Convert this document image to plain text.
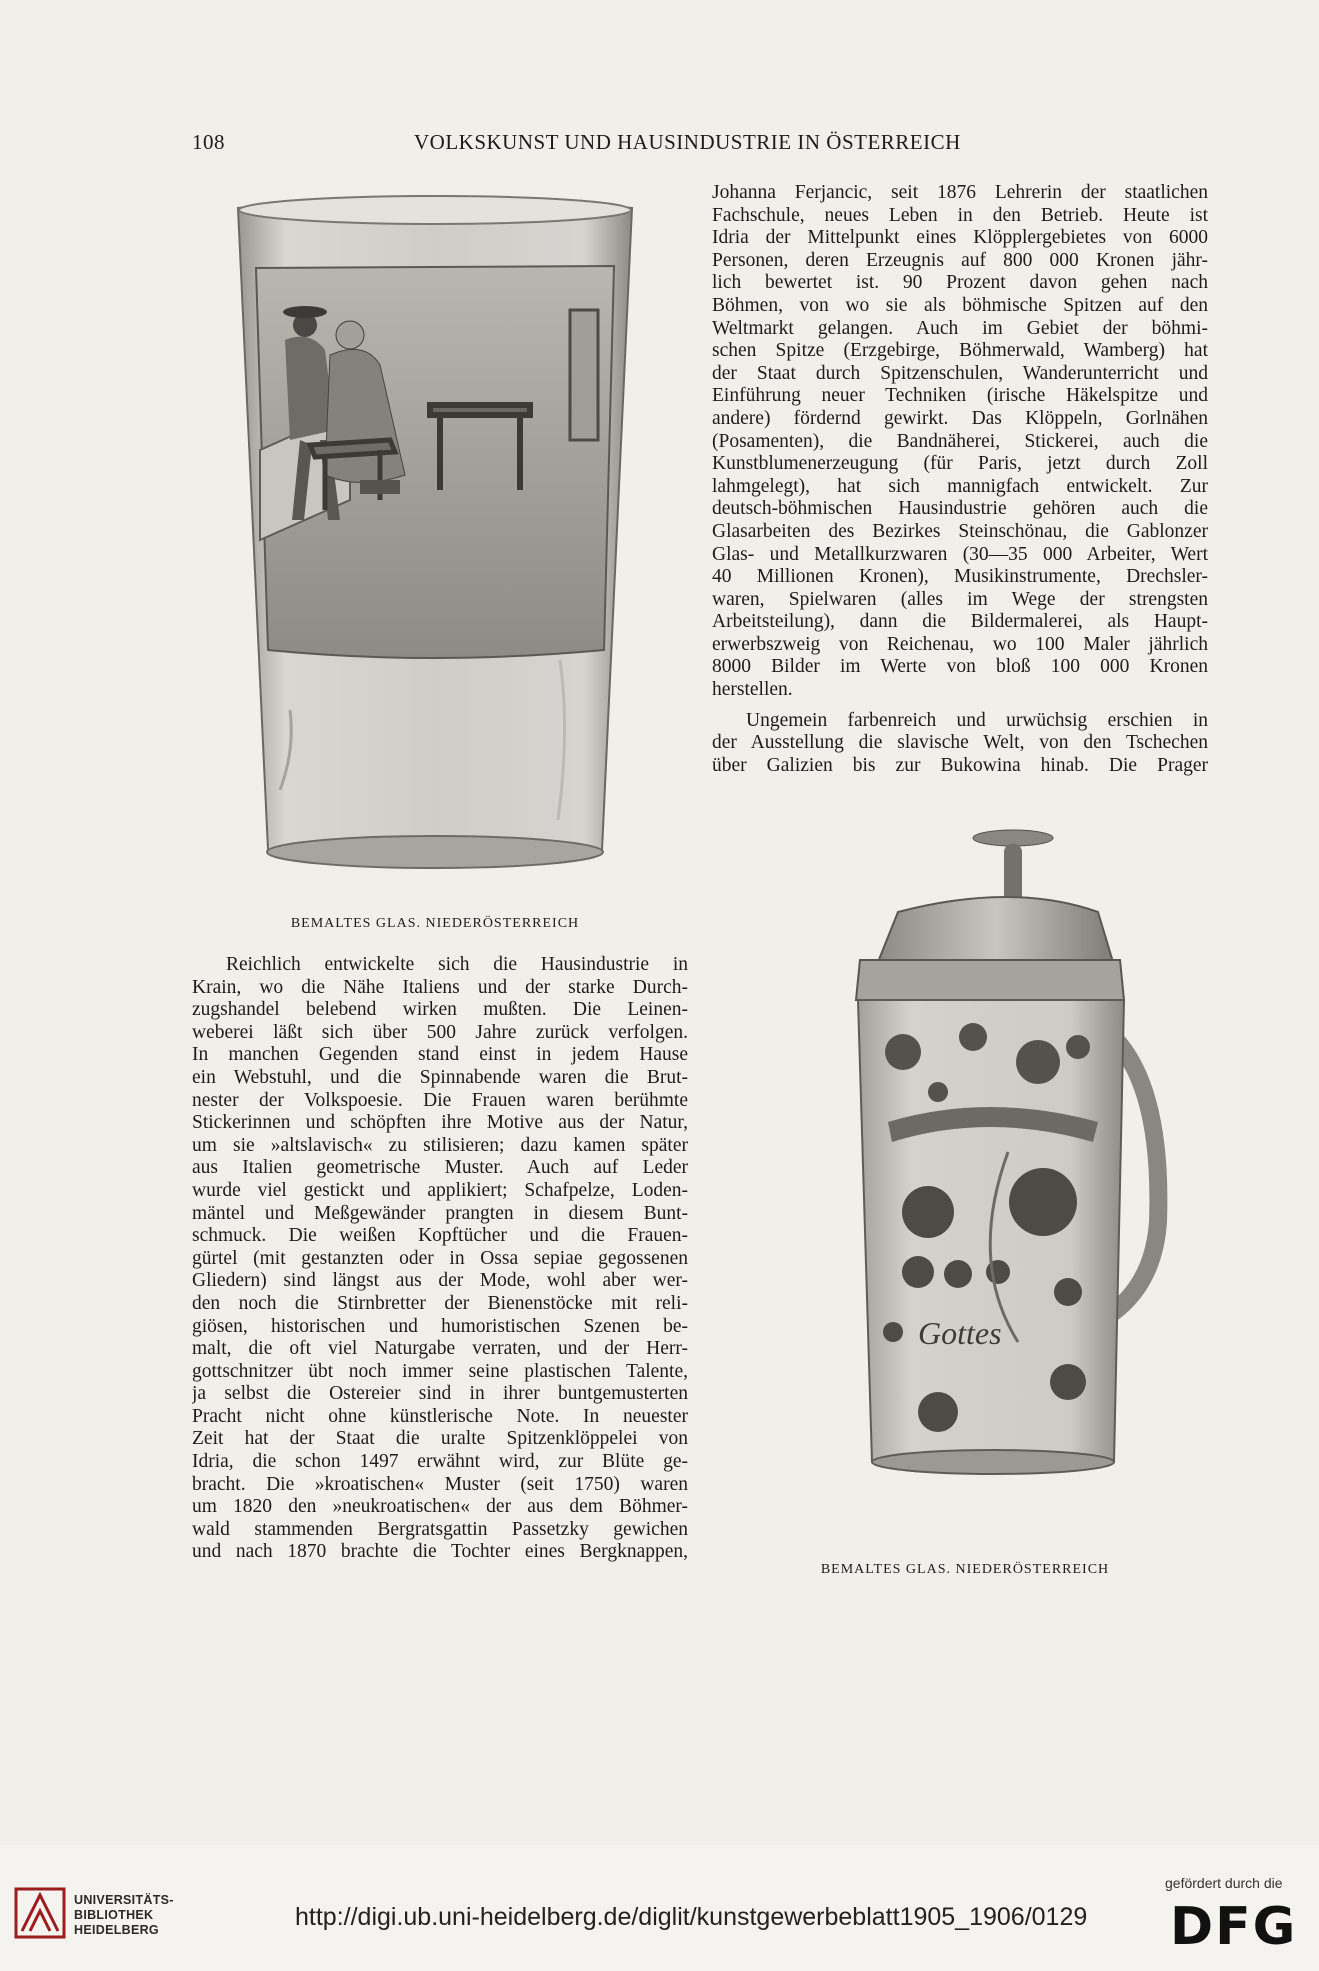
108	VOLKSKUNST UND HAUSINDUSTRIE IN ÖSTERREICH
BEMALTES GLAS. NIEDERÖSTERREICH
Gottes
BEMALTES GLAS. NIEDERÖSTERREICH
Johanna Ferjancic, seit 1876 Lehrerin der staatlichen
Fachschule, neues Leben in den Betrieb. Heute ist
Idria der Mittelpunkt eines Klöpplergebietes von 6000
Personen, deren Erzeugnis auf 800 000 Kronen jähr-
lich bewertet ist. 90 Prozent davon gehen nach
Böhmen, von wo sie als böhmische Spitzen auf den
Weltmarkt gelangen. Auch im Gebiet der böhmi-
schen Spitze (Erzgebirge, Böhmerwald, Wamberg) hat
der Staat durch Spitzenschulen, Wanderunterricht und
Einführung neuer Techniken (irische Häkelspitze und
andere) fördernd gewirkt. Das Klöppeln, Gorlnähen
(Posamenten), die Bandnäherei, Stickerei, auch die
Kunstblumenerzeugung (für Paris, jetzt durch Zoll
lahmgelegt), hat sich mannigfach entwickelt. Zur
deutsch-böhmischen Hausindustrie gehören auch die
Glasarbeiten des Bezirkes Steinschönau, die Gablonzer
Glas- und Metallkurzwaren (30—35 000 Arbeiter, Wert
40 Millionen Kronen), Musikinstrumente, Drechsler-
waren, Spielwaren (alles im Wege der strengsten
Arbeitsteilung), dann die Bildermalerei, als Haupt-
erwerbszweig von Reichenau, wo 100 Maler jährlich
8000 Bilder im Werte von bloß 100 000 Kronen
herstellen.
Ungemein farbenreich und urwüchsig erschien in
der Ausstellung die slavische Welt, von den Tschechen
über Galizien bis zur Bukowina hinab. Die Prager
Reichlich entwickelte sich die Hausindustrie in
Krain, wo die Nähe Italiens und der starke Durch-
zugshandel belebend wirken mußten. Die Leinen-
weberei läßt sich über 500 Jahre zurück verfolgen.
In manchen Gegenden stand einst in jedem Hause
ein Webstuhl, und die Spinnabende waren die Brut-
nester der Volkspoesie. Die Frauen waren berühmte
Stickerinnen und schöpften ihre Motive aus der Natur,
um sie »altslavisch« zu stilisieren; dazu kamen später
aus Italien geometrische Muster. Auch auf Leder
wurde viel gestickt und applikiert; Schafpelze, Loden-
mäntel und Meßgewänder prangten in diesem Bunt-
schmuck. Die weißen Kopftücher und die Frauen-
gürtel (mit gestanzten oder in Ossa sepiae gegossenen
Gliedern) sind längst aus der Mode, wohl aber wer-
den noch die Stirnbretter der Bienenstöcke mit reli-
giösen, historischen und humoristischen Szenen be-
malt, die oft viel Naturgabe verraten, und der Herr-
gottschnitzer übt noch immer seine plastischen Talente,
ja selbst die Ostereier sind in ihrer buntgemusterten
Pracht nicht ohne künstlerische Note. In neuester
Zeit hat der Staat die uralte Spitzenklöppelei von
Idria, die schon 1497 erwähnt wird, zur Blüte ge-
bracht. Die »kroatischen« Muster (seit 1750) waren
um 1820 den »neukroatischen« der aus dem Böhmer-
wald stammenden Bergratsgattin Passetzky gewichen
und nach 1870 brachte die Tochter eines Bergknappen,
UNIVERSITÄTS-
BIBLIOTHEK
HEIDELBERG	http://digi.ub.uni-heidelberg.de/diglit/kunstgewerbeblatt1905_1906/0129
gefördert durch die
DFG
